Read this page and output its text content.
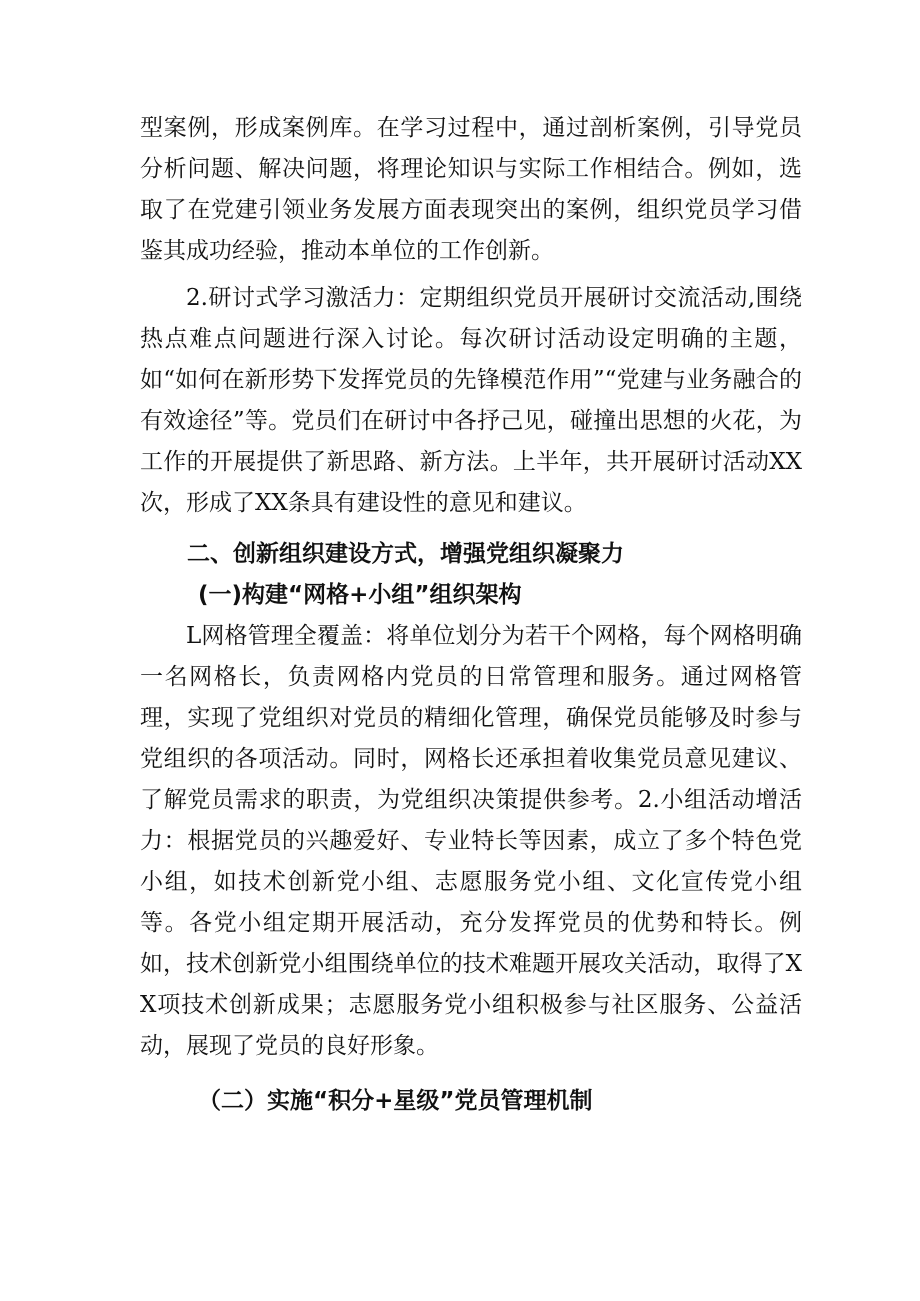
型案例，形成案例库。在学习过程中，通过剖析案例，引导党员分析问题、解决问题，将理论知识与实际工作相结合。例如，选取了在党建引领业务发展方面表现突出的案例，组织党员学习借鉴其成功经验，推动本单位的工作创新。

2.研讨式学习激活力：定期组织党员开展研讨交流活动,围绕热点难点问题进行深入讨论。每次研讨活动设定明确的主题，如“如何在新形势下发挥党员的先锋模范作用”“党建与业务融合的有效途径”等。党员们在研讨中各抒己见，碰撞出思想的火花，为工作的开展提供了新思路、新方法。上半年，共开展研讨活动XX次，形成了XX条具有建设性的意见和建议。

二、创新组织建设方式，增强党组织凝聚力
(一)构建“网格+小组”组织架构

L网格管理全覆盖：将单位划分为若干个网格，每个网格明确一名网格长，负责网格内党员的日常管理和服务。通过网格管理，实现了党组织对党员的精细化管理，确保党员能够及时参与党组织的各项活动。同时，网格长还承担着收集党员意见建议、了解党员需求的职责，为党组织决策提供参考。2.小组活动增活力：根据党员的兴趣爱好、专业特长等因素，成立了多个特色党小组，如技术创新党小组、志愿服务党小组、文化宣传党小组等。各党小组定期开展活动，充分发挥党员的优势和特长。例如，技术创新党小组围绕单位的技术难题开展攻关活动，取得了XX项技术创新成果；志愿服务党小组积极参与社区服务、公益活动，展现了党员的良好形象。

（二）实施“积分+星级”党员管理机制
